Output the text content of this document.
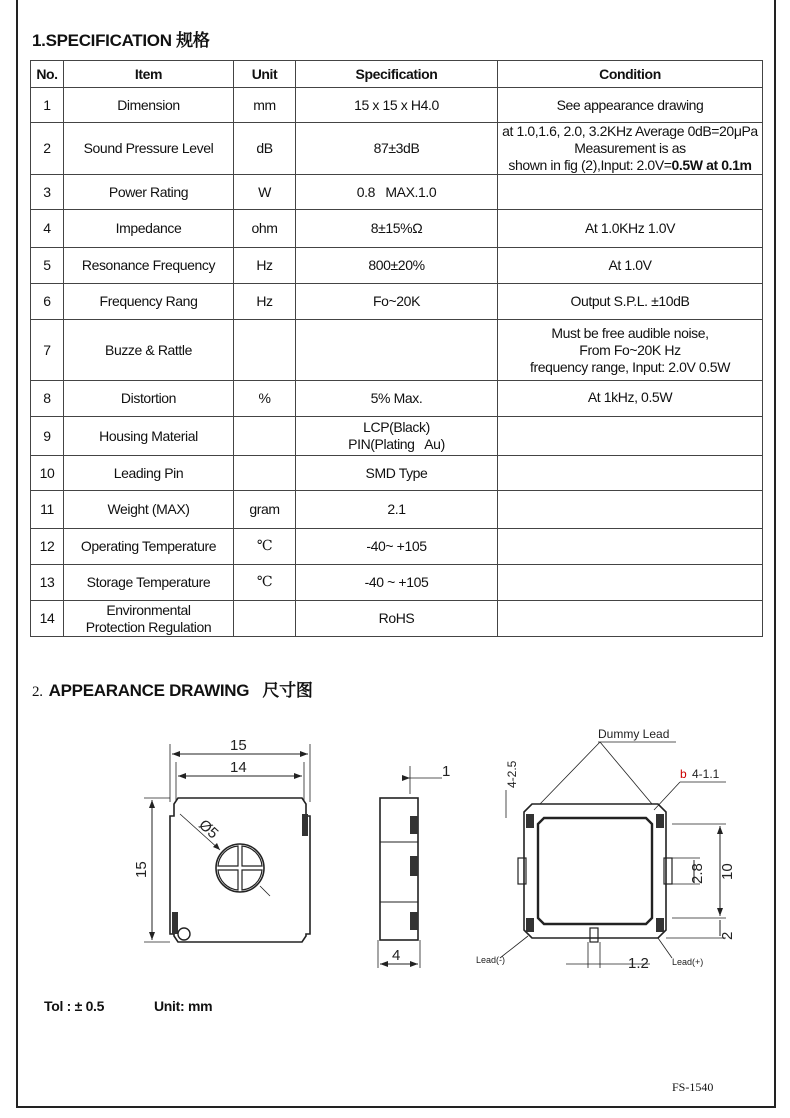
1.SPECIFICATION 规格
No.	Item	Unit	Specification	Condition
1	Dimension	mm	15 x 15 x H4.0	See appearance drawing
2	Sound Pressure Level	dB	87±3dB	at 1.0,1.6, 2.0, 3.2KHz Average 0dB=20μPa
Measurement is as
shown in fig (2),Input: 2.0V=0.5W at 0.1m

3	Power Rating	W	0.8   MAX.1.0	
4	Impedance	ohm	8±15%Ω	At 1.0KHz 1.0V
5	Resonance Frequency	Hz	800±20%	At 1.0V
6	Frequency Rang	Hz	Fo~20K	Output S.P.L. ±10dB
7	Buzze & Rattle			Must be free audible noise,
From Fo~20K Hz
frequency range, Input: 2.0V 0.5W

8	Distortion	%	5% Max.	At 1kHz, 0.5W
9	Housing Material		LCP(Black)
PIN(Plating   Au)	

10	Leading Pin		SMD Type	
11	Weight (MAX)	gram	2.1	
12	Operating Temperature	℃	-40~ +105	
13	Storage Temperature	℃	-40 ~ +105	
14	Environmental
Protection Regulation		RoHS	
2. APPEARANCE DRAWING   尺寸图
15
14
15
Ø5
1
4
Dummy Lead
4-2.5	b 4-1.1
10
2.8
2
1.2
Lead(-)	Lead(+)
Tol : ± 0.5	Unit: mm
FS-1540
